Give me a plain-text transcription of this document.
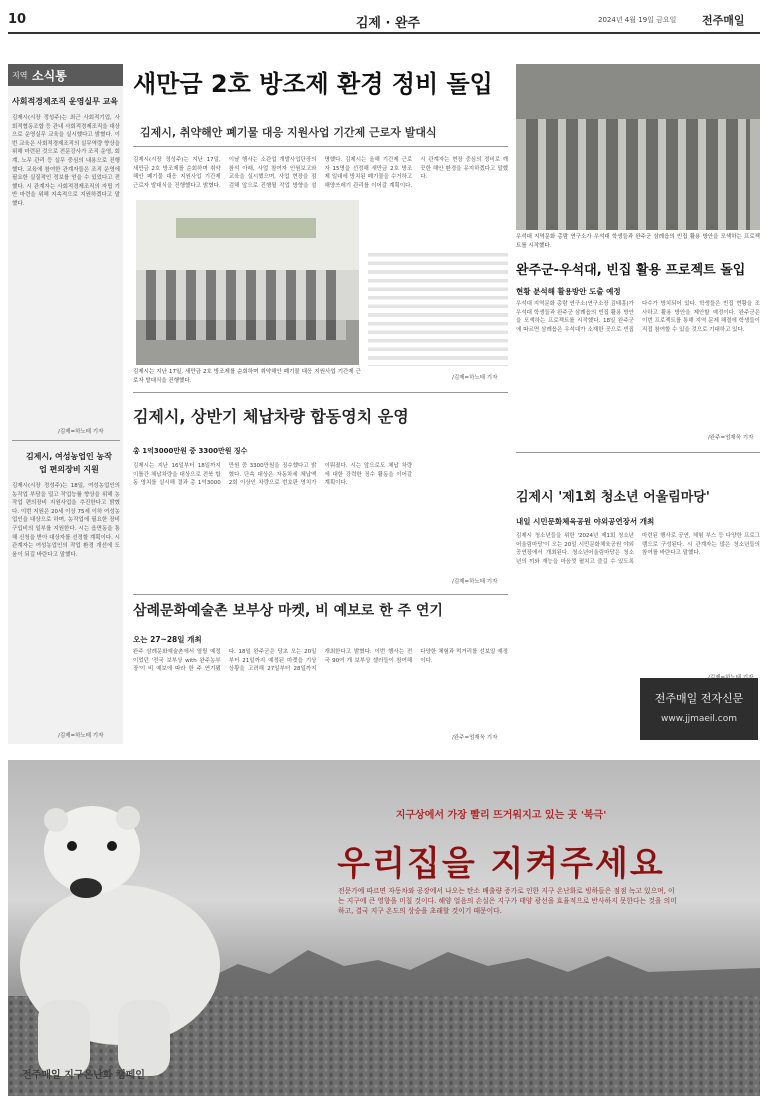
10	김제 · 완주	2024년 4월 19일 금요일 전주매일
지역 소식통
사회적경제조직 운영실무 교육
김제시(시장 정성주)는 최근 사회적기업, 사회적협동조합 등 관내 사회적경제조직을 대상으로 운영실무 교육을 실시했다고 밝혔다. 이번 교육은 사회적경제조직의 실무역량 향상을 위해 마련된 것으로 전문강사가 조직 운영, 회계, 노무 관리 등 실무 중심의 내용으로 진행했다. 교육에 참여한 관계자들은 조직 운영에 필요한 실질적인 정보를 얻을 수 있었다고 전했다. 시 관계자는 사회적경제조직의 자립 기반 마련을 위해 지속적으로 지원하겠다고 말했다.
/김제=하노태 기자
김제시, 여성농업인 농작업 편의장비 지원
김제시(시장 정성주)는 18일, 여성농업인의 농작업 부담을 덜고 작업능률 향상을 위해 농작업 편의장비 지원사업을 추진한다고 밝혔다. 이번 지원은 20세 이상 75세 이하 여성농업인을 대상으로 하며, 농작업에 필요한 장비 구입비의 일부를 지원한다. 시는 읍면동을 통해 신청을 받아 대상자를 선정할 계획이다. 시 관계자는 여성농업인의 작업 환경 개선에 도움이 되길 바란다고 말했다.
/김제=하노태 기자
새만금 2호 방조제 환경 정비 돌입
김제시, 취약해안 폐기물 대응 지원사업 기간제 근로자 발대식
김제시(시장 정성주)는 지난 17일, 새만금 2호 방조제를 순회하며 취약해안 폐기물 대응 지원사업 기간제 근로자 발대식을 진행했다고 밝혔다. 이날 행사는 소관업 개발사업단장의 참석 아래, 사업 참여자 인원보고와 교육을 실시했으며, 사업 현장을 점검해 앞으로 진행될 작업 방향을 설명했다. 김제시는 올해 기간제 근로자 15명을 선정해 새만금 2호 방조제 일대에 방치된 폐기물을 수거하고 해양쓰레기 관리를 이어갈 계획이다. 시 관계자는 현장 중심의 정비로 깨끗한 해안 환경을 유지하겠다고 말했다.
김제시는 지난 17일, 새만금 2호 방조제를 순회하며 취약해안 폐기물 대응 지원사업 기간제 근로자 발대식을 진행했다.	/김제=하노태 기자
우석대 지역문화 총람 연구소가 우석대 학생들과 완주군 삼례읍의 빈집 활용 방안을 모색하는 프로젝트를 시작했다.
완주군-우석대, 빈집 활용 프로젝트 돌입
현황 분석해 활용방안 도출 예정
우석대 지역문화 총람 연구소(연구소장 김태흥)가 우석대 학생들과 완주군 삼례읍의 빈집 활용 방안을 모색하는 프로젝트를 시작했다. 18일 완주군에 따르면 삼례읍은 우석대가 소재한 곳으로 빈집 다수가 방치되어 있다. 학생들은 빈집 현황을 조사하고 활용 방안을 제안할 예정이다. 완주군은 이번 프로젝트를 통해 지역 문제 해결에 학생들이 직접 참여할 수 있을 것으로 기대하고 있다.
/완주=엄재욱 기자
김제시, 상반기 체납차량 합동영치 운영
총 1억3000만원 중 3300만원 징수
김제시는 지난 16일부터 18일까지 이틀간 체납차량을 대상으로 전북 합동 영치를 실시해 결과 총 1억3000만원 중 3300만원을 징수했다고 밝혔다. 단속 대상은 자동차세 체납액 2회 이상인 차량으로 번호판 영치가 이뤄졌다. 시는 앞으로도 체납 차량에 대한 강력한 징수 활동을 이어갈 계획이다.
/김제=하노태 기자
삼례문화예술촌 보부상 마켓, 비 예보로 한 주 연기
오는 27~28일 개최
완주 삼례문화예술촌에서 열릴 예정이었던 '전국 보부상 with 완주농부장'이 비 예보에 따라 한 주 연기됐다. 18일 완주군은 당초 오는 20일부터 21일까지 예정된 마켓을 기상 상황을 고려해 27일부터 28일까지 개최한다고 밝혔다. 이번 행사는 전국 90여 개 보부상 셀러들이 참여해 다양한 체험과 먹거리를 선보일 예정이다.
/완주=엄재욱 기자
김제시 '제1회 청소년 어울림마당'
내일 시민문화체육공원 야외공연장서 개최
김제시 청소년들을 위한 '2024년 제1회 청소년어울림마당'이 오는 20일 시민문화체육공원 야외공연장에서 개최된다. 청소년어울림마당은 청소년의 끼와 재능을 마음껏 펼치고 즐길 수 있도록 마련된 행사로 공연, 체험 부스 등 다양한 프로그램으로 구성된다. 시 관계자는 많은 청소년들의 참여를 바란다고 말했다.
전주매일 전자신문
www.jjmaeil.com
지구상에서 가장 빨리 뜨거워지고 있는 곳 '북극'
우리집을 지켜주세요
전문가에 따르면 자동차와 공장에서 나오는 탄소 배출량 증가로 인한 지구 온난화로 빙하들은 점점 녹고 있으며, 이는 지구에 큰 영향을 미칠 것이다. 해양 얼음의 손실은 지구가 태양 광선을 효율적으로 반사하지 못한다는 것을 의미하고, 결국 지구 온도의 상승을 초래할 것이기 때문이다.
전주매일 지구온난화 캠페인
